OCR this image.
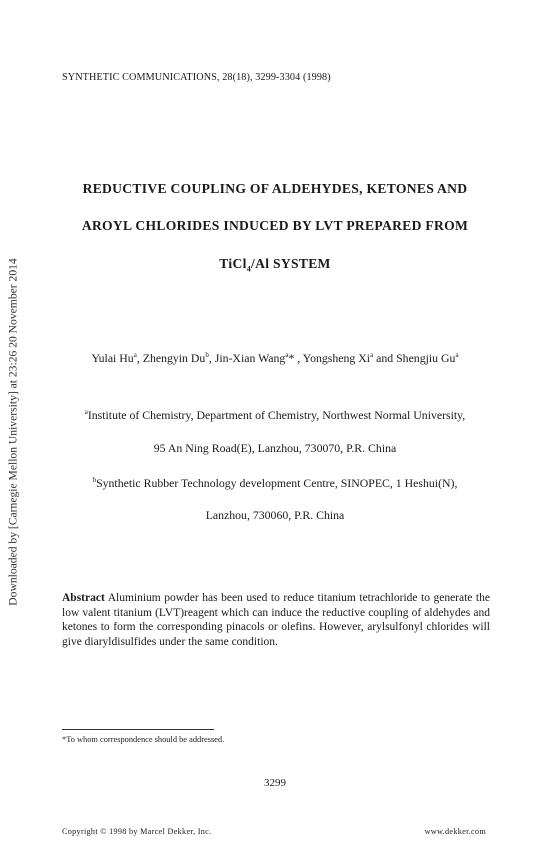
Downloaded by [Carnegie Mellon University] at 23:26 20 November 2014
SYNTHETIC COMMUNICATIONS, 28(18), 3299-3304 (1998)
REDUCTIVE COUPLING OF ALDEHYDES, KETONES AND
AROYL CHLORIDES INDUCED BY LVT PREPARED FROM
TiCl$_4$/Al SYSTEM
Yulai Hu$^a$, Zhengyin Du$^b$, Jin-Xian Wang$^a$* , Yongsheng Xi$^a$ and Shengjiu Gu$^a$
$^a$Institute of Chemistry, Department of Chemistry, Northwest Normal University,
95 An Ning Road(E), Lanzhou, 730070, P.R. China
$^b$Synthetic Rubber Technology development Centre, SINOPEC, 1 Heshui(N),
Lanzhou, 730060, P.R. China
Abstract Aluminium powder has been used to reduce titanium tetrachloride to generate the low valent titanium (LVT)reagent which can induce the reductive coupling of aldehydes and ketones to form the corresponding pinacols or olefins. However, arylsulfonyl chlorides will give diaryldisulfides under the same condition.
*To whom correspondence should be addressed.
3299
Copyright © 1998 by Marcel Dekker, Inc.	www.dekker.com
